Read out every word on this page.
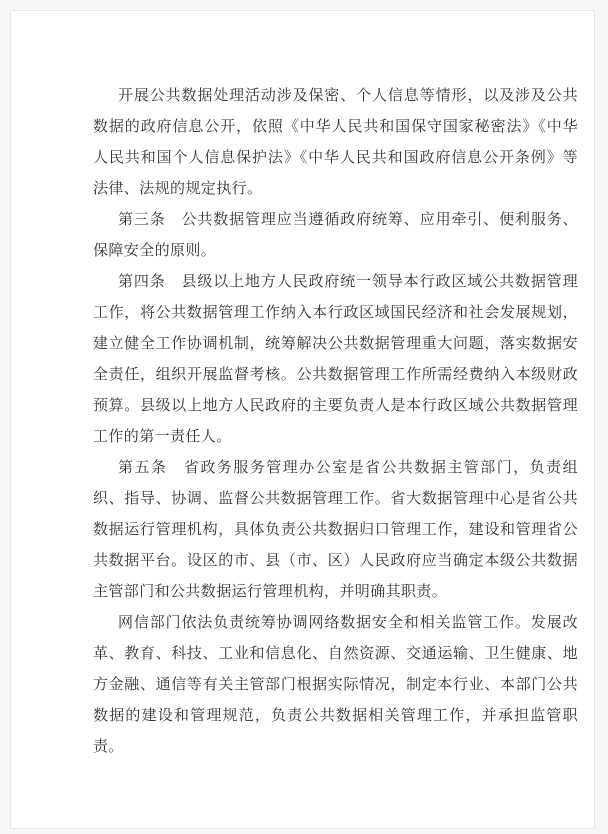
开展公共数据处理活动涉及保密、个人信息等情形，以及涉及公共数据的政府信息公开，依照《中华人民共和国保守国家秘密法》《中华人民共和国个人信息保护法》《中华人民共和国政府信息公开条例》等法律、法规的规定执行。

第三条　公共数据管理应当遵循政府统筹、应用牵引、便利服务、保障安全的原则。

第四条　县级以上地方人民政府统一领导本行政区域公共数据管理工作，将公共数据管理工作纳入本行政区域国民经济和社会发展规划，建立健全工作协调机制，统筹解决公共数据管理重大问题，落实数据安全责任，组织开展监督考核。公共数据管理工作所需经费纳入本级财政预算。县级以上地方人民政府的主要负责人是本行政区域公共数据管理工作的第一责任人。

第五条　省政务服务管理办公室是省公共数据主管部门，负责组织、指导、协调、监督公共数据管理工作。省大数据管理中心是省公共数据运行管理机构，具体负责公共数据归口管理工作，建设和管理省公共数据平台。设区的市、县（市、区）人民政府应当确定本级公共数据主管部门和公共数据运行管理机构，并明确其职责。

网信部门依法负责统筹协调网络数据安全和相关监管工作。发展改革、教育、科技、工业和信息化、自然资源、交通运输、卫生健康、地方金融、通信等有关主管部门根据实际情况，制定本行业、本部门公共数据的建设和管理规范，负责公共数据相关管理工作，并承担监管职责。
